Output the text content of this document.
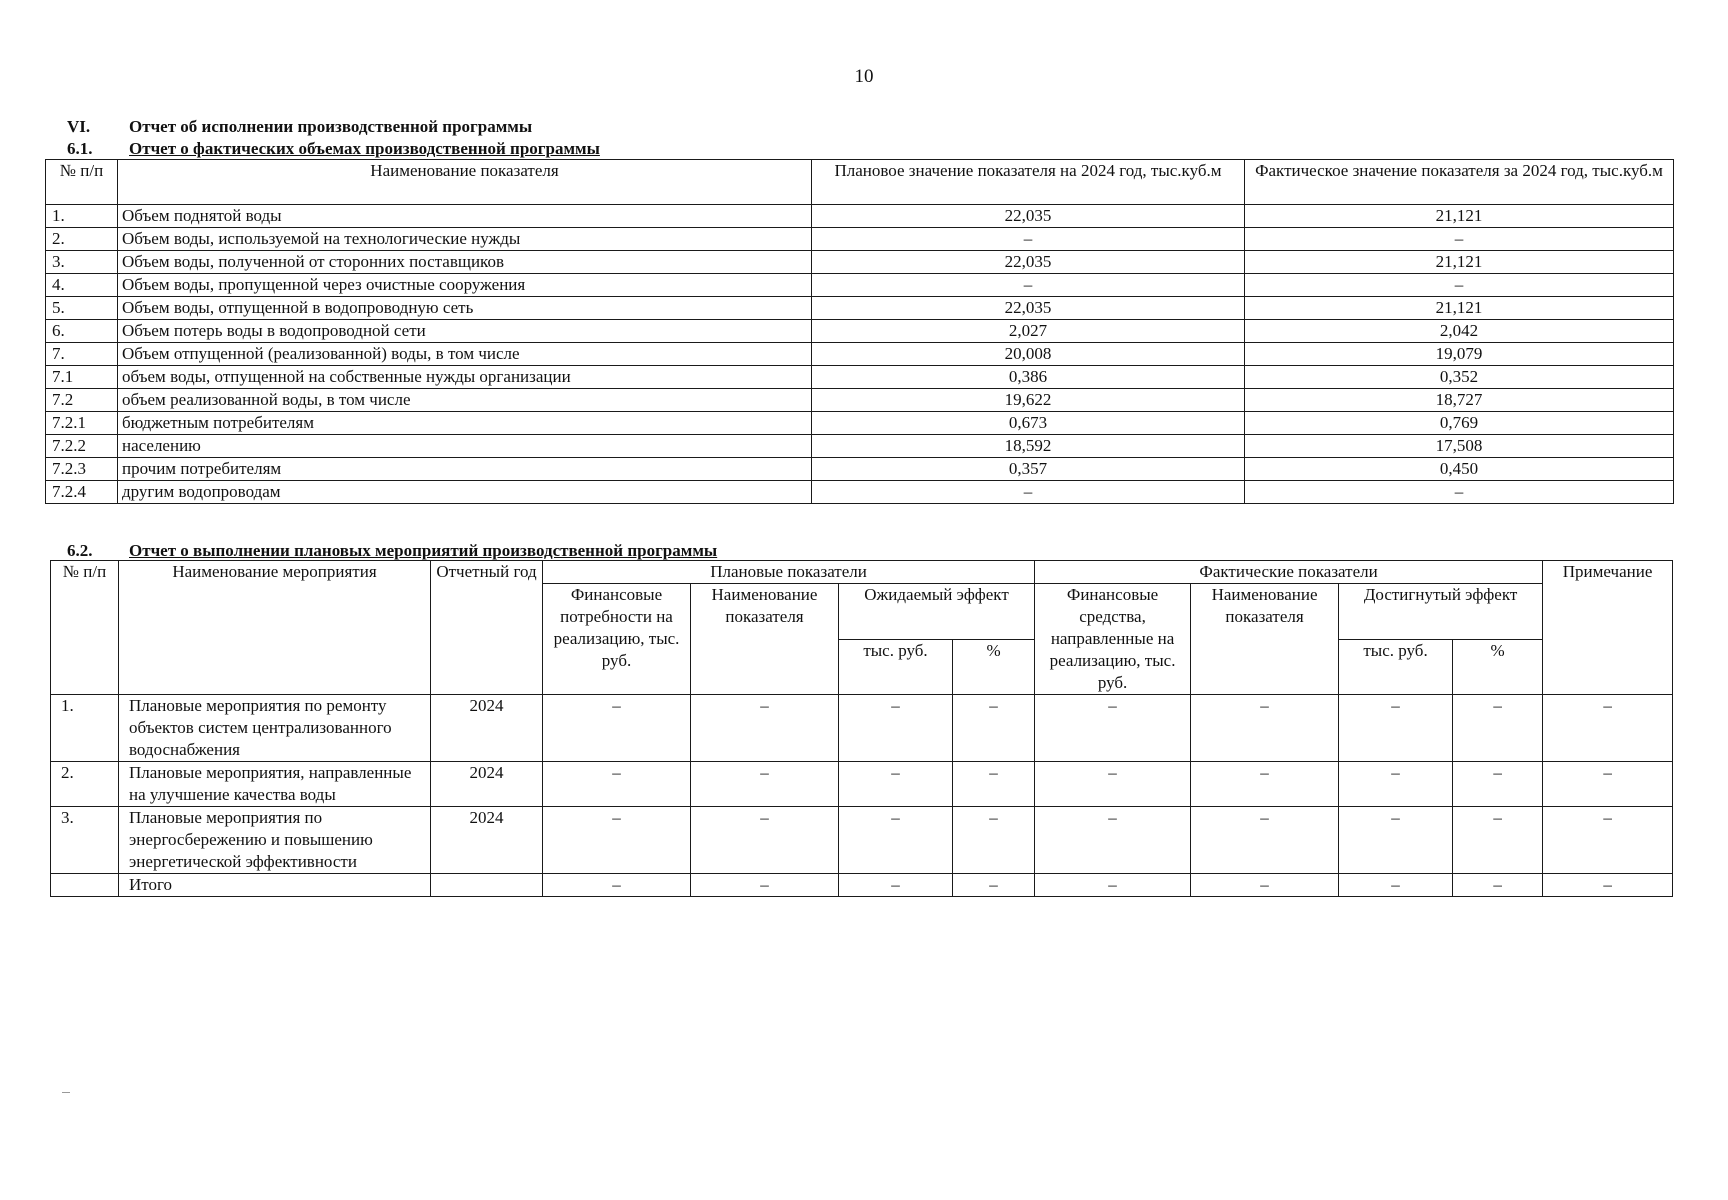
10
VI. Отчет об исполнении производственной программы
6.1. Отчет о фактических объемах производственной программы
№ п/п	Наименование показателя	Плановое значение показателя на 2024 год, тыс.куб.м	Фактическое значение показателя за 2024 год, тыс.куб.м
1.	Объем поднятой воды	22,035	21,121
2.	Объем воды, используемой на технологические нужды	–	–
3.	Объем воды, полученной от сторонних поставщиков	22,035	21,121
4.	Объем воды, пропущенной через очистные сооружения	–	–
5.	Объем воды, отпущенной в водопроводную сеть	22,035	21,121
6.	Объем потерь воды в водопроводной сети	2,027	2,042
7.	Объем отпущенной (реализованной) воды, в том числе	20,008	19,079
7.1	объем воды, отпущенной на собственные нужды организации	0,386	0,352
7.2	объем реализованной воды, в том числе	19,622	18,727
7.2.1	бюджетным потребителям	0,673	0,769
7.2.2	населению	18,592	17,508
7.2.3	прочим потребителям	0,357	0,450
7.2.4	другим водопроводам	–	–
6.2. Отчет о выполнении плановых мероприятий производственной программы
№ п/п	Наименование мероприятия	Отчетный год	Плановые показатели				Фактические показатели				Примечание
			Финансовые потребности на реализацию, тыс. руб.	Наименование показателя	Ожидаемый эффект		Финансовые средства, направленные на реализацию, тыс. руб.	Наименование показателя	Достигнутый эффект		
					тыс. руб.	%			тыс. руб.	%	
1.	Плановые мероприятия по ремонту объектов систем централизованного водоснабжения	2024	–	–	–	–	–	–	–	–	–
2.	Плановые мероприятия, направленные на улучшение качества воды	2024	–	–	–	–	–	–	–	–	–
3.	Плановые мероприятия по энергосбережению и повышению энергетической эффективности	2024	–	–	–	–	–	–	–	–	–
	Итого		–	–	–	–	–	–	–	–	–
